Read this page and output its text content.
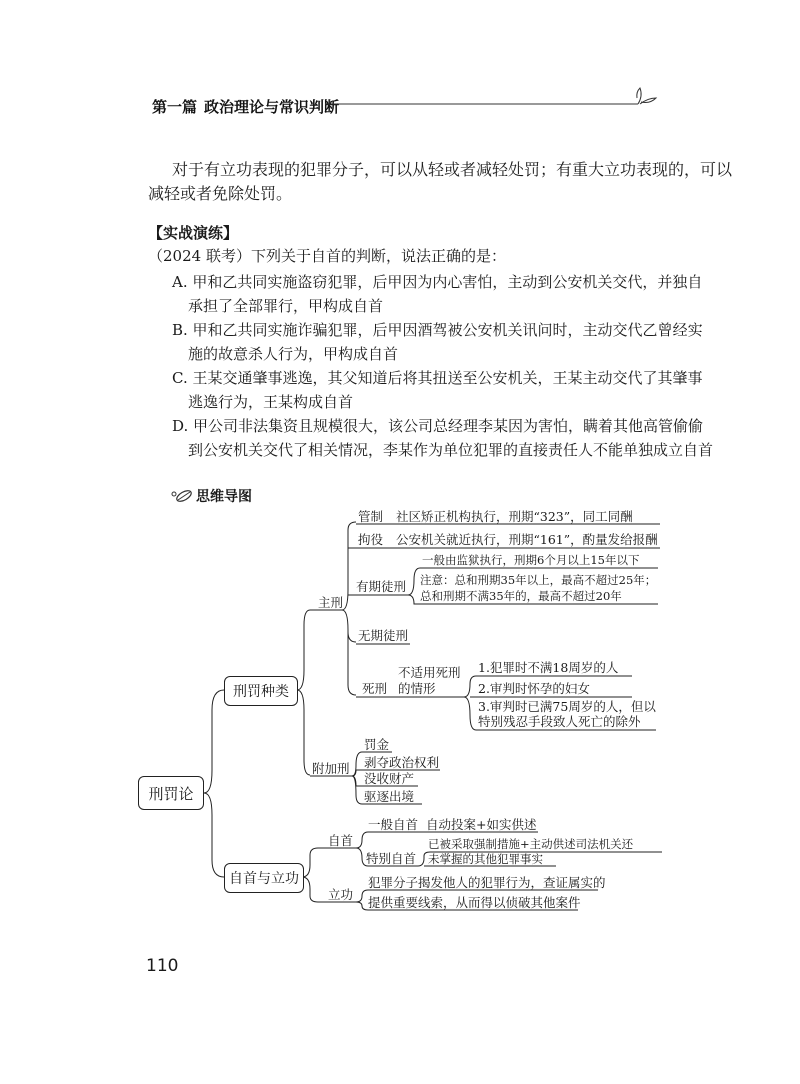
第一篇 政治理论与常识判断
对于有立功表现的犯罪分子，可以从轻或者减轻处罚；有重大立功表现的，可以
减轻或者免除处罚。
【实战演练】
（2024 联考）下列关于自首的判断，说法正确的是：
A. 甲和乙共同实施盗窃犯罪，后甲因为内心害怕，主动到公安机关交代，并独自
承担了全部罪行，甲构成自首
B. 甲和乙共同实施诈骗犯罪，后甲因酒驾被公安机关讯问时，主动交代乙曾经实
施的故意杀人行为，甲构成自首
C. 王某交通肇事逃逸，其父知道后将其扭送至公安机关，王某主动交代了其肇事
逃逸行为，王某构成自首
D. 甲公司非法集资且规模很大，该公司总经理李某因为害怕，瞒着其他高管偷偷
到公安机关交代了相关情况，李某作为单位犯罪的直接责任人不能单独成立自首
思维导图
刑罚论
刑罚种类
自首与立功
主刑
管制 社区矫正机构执行，刑期“323”，同工同酬
拘役 公安机关就近执行，刑期“161”，酌量发给报酬
有期徒刑
一般由监狱执行，刑期6个月以上15年以下
注意：总和刑期35年以上，最高不超过25年；
总和刑期不满35年的，最高不超过20年
无期徒刑
死刑
不适用死刑
的情形
1.犯罪时不满18周岁的人
2.审判时怀孕的妇女
3.审判时已满75周岁的人，但以
特别残忍手段致人死亡的除外
附加刑
罚金
剥夺政治权利
没收财产
驱逐出境
自首
一般自首 自动投案+如实供述
特别自首
已被采取强制措施+主动供述司法机关还
未掌握的其他犯罪事实
立功
犯罪分子揭发他人的犯罪行为，查证属实的
提供重要线索，从而得以侦破其他案件
110
